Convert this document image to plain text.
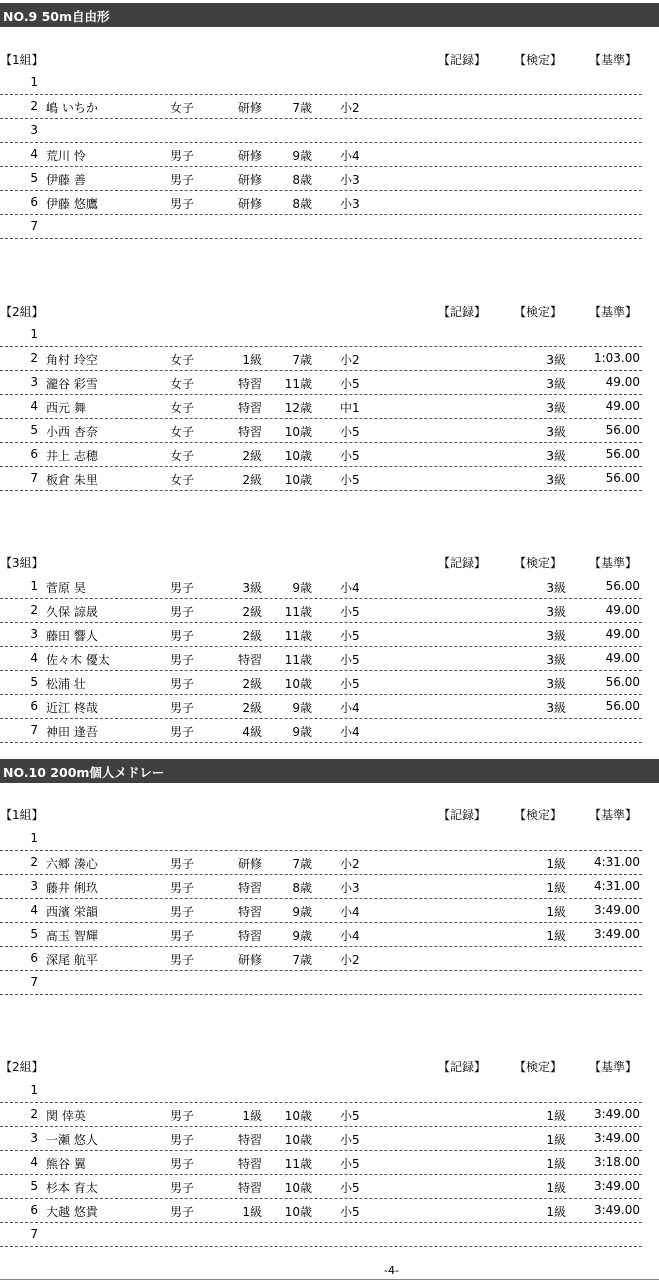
NO.9 50m自由形
【1組】	【記録】 【検定】 【基準】
1
2 嶋 いちか	女子	研修	7歳 小2
3
4 荒川 怜	男子	研修	9歳 小4
5 伊藤 善	男子	研修	8歳 小3
6 伊藤 悠鷹	男子	研修	8歳 小3
7
【2組】	【記録】 【検定】 【基準】
1
2 角村 玲空	女子	1級	7歳 小2	3級	1:03.00
3 瀧谷 彩雪	女子	特習	11歳 小5	3級	49.00
4 西元 舞	女子	特習	12歳 中1	3級	49.00
5 小西 杏奈	女子	特習	10歳 小5	3級	56.00
6 井上 志穂	女子	2級	10歳 小5	3級	56.00
7 板倉 朱里	女子	2級	10歳 小5	3級	56.00
【3組】	【記録】 【検定】 【基準】
1 菅原 昊	男子	3級	9歳 小4	3級	56.00
2 久保 諒晟	男子	2級	11歳 小5	3級	49.00
3 藤田 響人	男子	2級	11歳 小5	3級	49.00
4 佐々木 優太	男子	特習	11歳 小5	3級	49.00
5 松浦 壮	男子	2級	10歳 小5	3級	56.00
6 近江 柊哉	男子	2級	9歳 小4	3級	56.00
7 神田 逢吾	男子	4級	9歳 小4
NO.10 200m個人メドレー
【1組】	【記録】 【検定】 【基準】
1
2 六郷 湊心	男子	研修	7歳 小2	1級	4:31.00
3 藤井 俐玖	男子	特習	8歳 小3	1級	4:31.00
4 西濱 栄韻	男子	特習	9歳 小4	1級	3:49.00
5 髙玉 智輝	男子	特習	9歳 小4	1級	3:49.00
6 深尾 航平	男子	研修	7歳 小2
7
【2組】	【記録】 【検定】 【基準】
1
2 関 倖英	男子	1級	10歳 小5	1級	3:49.00
3 一瀬 悠人	男子	特習	10歳 小5	1級	3:49.00
4 熊谷 翼	男子	特習	11歳 小5	1級	3:18.00
5 杉本 育太	男子	特習	10歳 小5	1級	3:49.00
6 大越 悠貴	男子	1級	10歳 小5	1級	3:49.00
7
-4-
